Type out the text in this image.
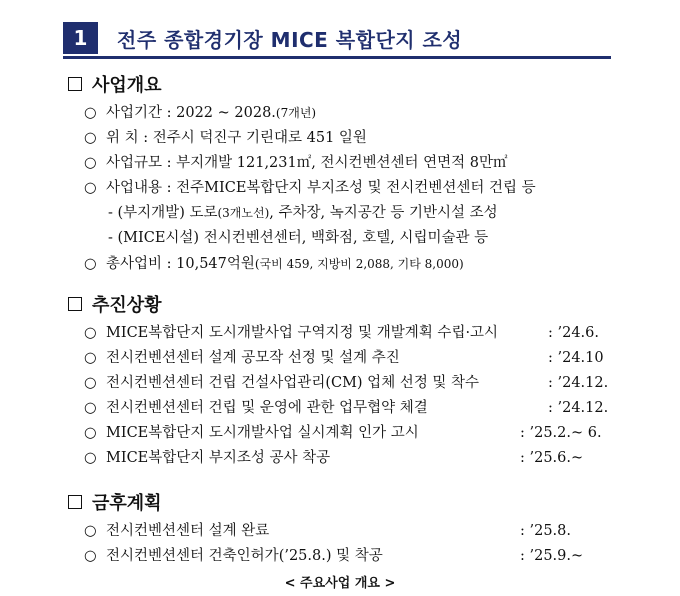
1	전주 종합경기장 MICE 복합단지 조성
사업개요
○ 사업기간 : 2022 ~ 2028.(7개년)
○ 위 치 : 전주시 덕진구 기린대로 451 일원
○ 사업규모 : 부지개발 121,231㎡, 전시컨벤션센터 연면적 8만㎡
○ 사업내용 : 전주MICE복합단지 부지조성 및 전시컨벤션센터 건립 등
- (부지개발) 도로(3개노선), 주차장, 녹지공간 등 기반시설 조성
- (MICE시설) 전시컨벤션센터, 백화점, 호텔, 시립미술관 등
○ 총사업비 : 10,547억원(국비 459, 지방비 2,088, 기타 8,000)
추진상황
○ MICE복합단지 도시개발사업 구역지정 및 개발계획 수립·고시	: ’24.6.
○ 전시컨벤션센터 설계 공모작 선정 및 설계 추진	: ’24.10
○ 전시컨벤션센터 건립 건설사업관리(CM) 업체 선정 및 착수	: ’24.12.
○ 전시컨벤션센터 건립 및 운영에 관한 업무협약 체결	: ’24.12.
○ MICE복합단지 도시개발사업 실시계획 인가 고시	: ’25.2.~ 6.
○ MICE복합단지 부지조성 공사 착공	: ’25.6.~
금후계획
○ 전시컨벤션센터 설계 완료	: ’25.8.
○ 전시컨벤션센터 건축인허가(’25.8.) 및 착공	: ’25.9.~
< 주요사업 개요 >
